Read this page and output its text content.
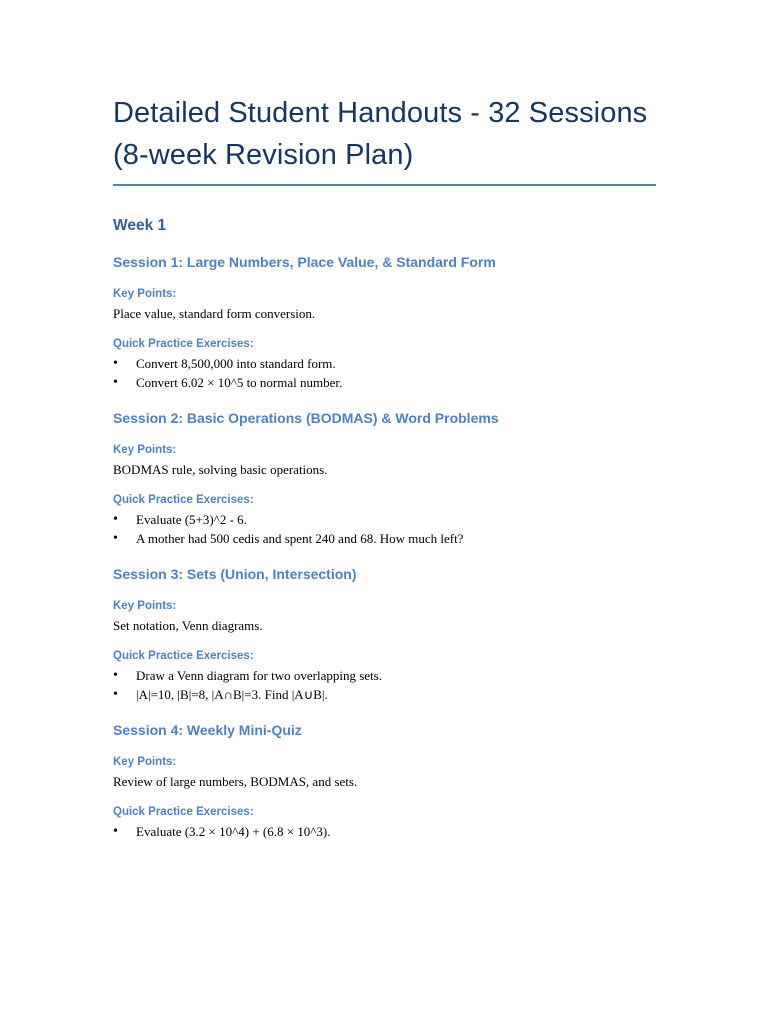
Detailed Student Handouts - 32 Sessions (8-week Revision Plan)
Week 1
Session 1: Large Numbers, Place Value, & Standard Form

Key Points:

Place value, standard form conversion.

Quick Practice Exercises:

• Convert 8,500,000 into standard form.
• Convert 6.02 × 10^5 to normal number.
Session 2: Basic Operations (BODMAS) & Word Problems

Key Points:

BODMAS rule, solving basic operations.

Quick Practice Exercises:

• Evaluate (5+3)^2 - 6.
• A mother had 500 cedis and spent 240 and 68. How much left?
Session 3: Sets (Union, Intersection)

Key Points:

Set notation, Venn diagrams.

Quick Practice Exercises:

• Draw a Venn diagram for two overlapping sets.
• |A|=10, |B|=8, |A∩B|=3. Find |A∪B|.
Session 4: Weekly Mini-Quiz

Key Points:

Review of large numbers, BODMAS, and sets.

Quick Practice Exercises:

• Evaluate (3.2 × 10^4) + (6.8 × 10^3).
